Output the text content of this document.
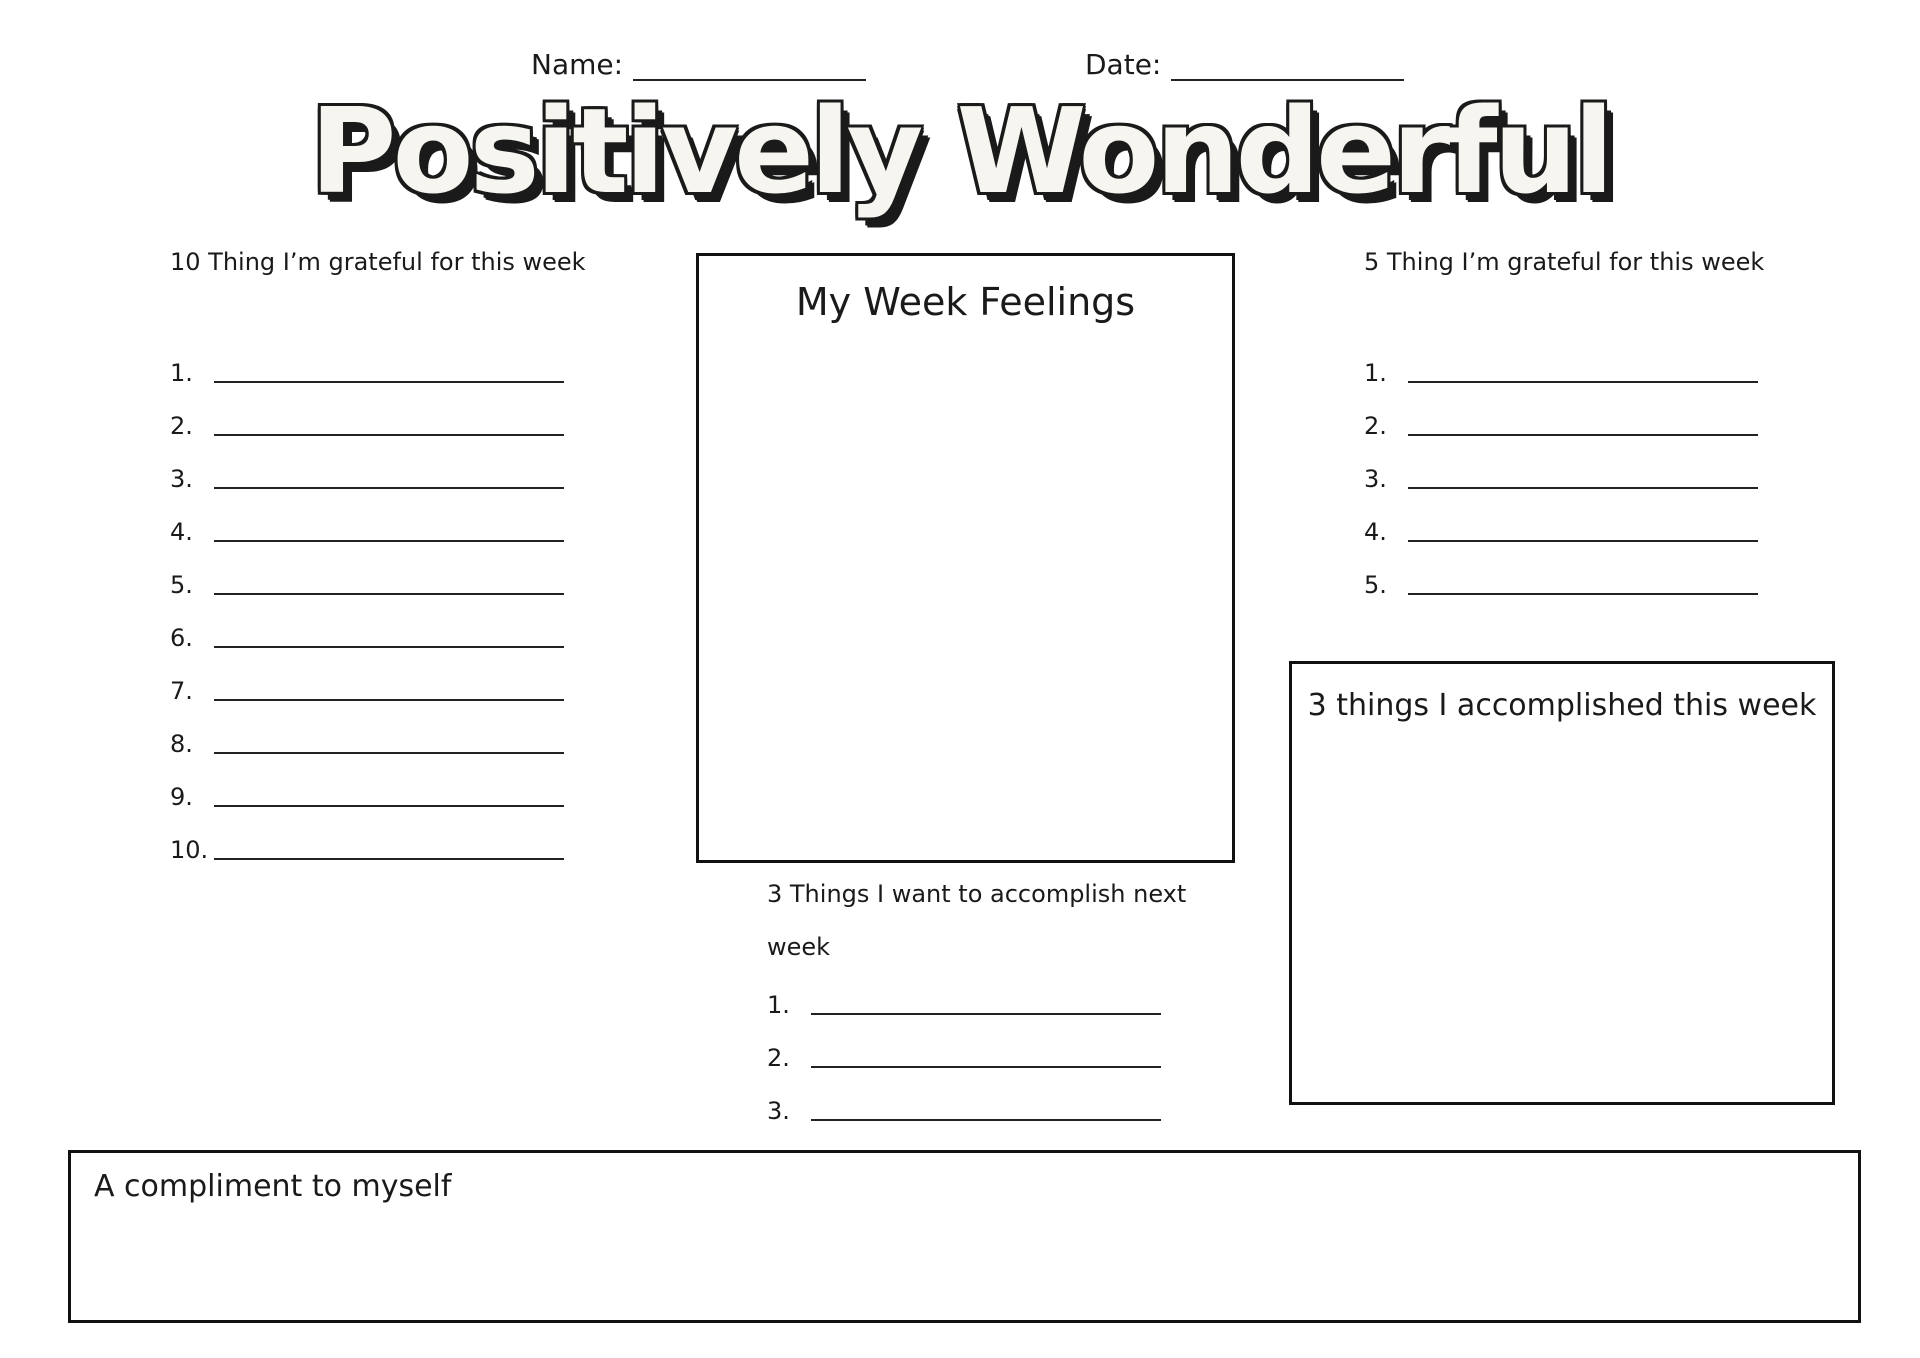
Name:	Date:
Positively Wonderful
10 Thing I’m grateful for this week
1.
2.
3.
4.
5.
6.
7.
8.
9.
10.
My Week Feelings
5 Thing I’m grateful for this week
1.
2.
3.
4.
5.
3 things I accomplished this week
3 Things I want to accomplish next
week
1.
2.
3.
A compliment to myself
